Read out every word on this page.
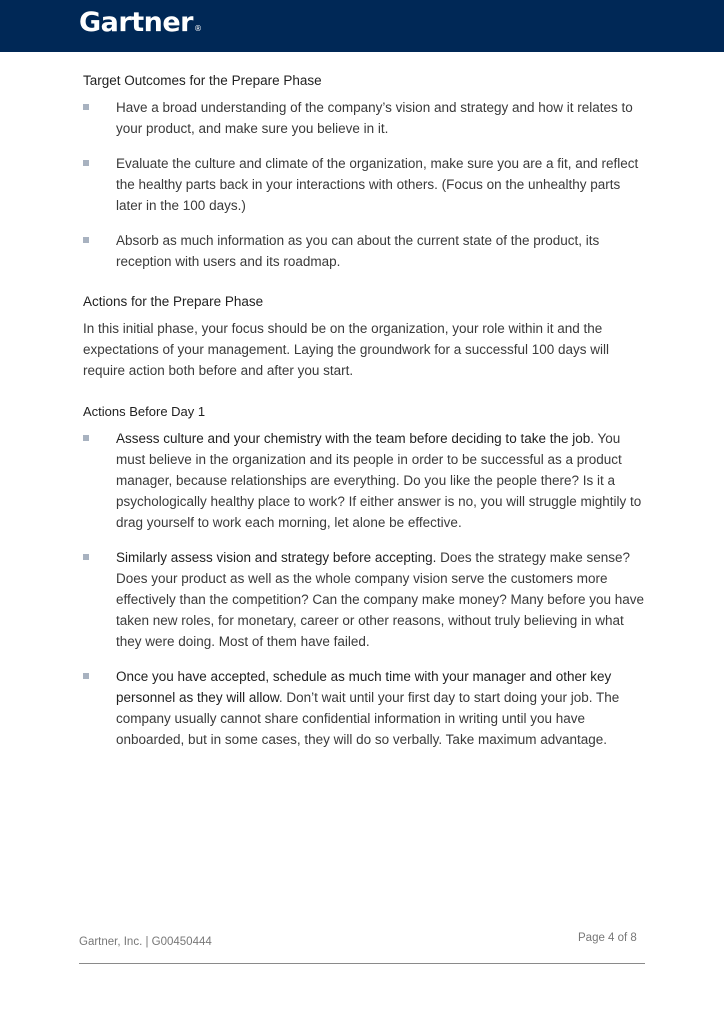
Gartner®

Target Outcomes for the Prepare Phase

Have a broad understanding of the company’s vision and strategy and how it relates to your product, and make sure you believe in it.
Evaluate the culture and climate of the organization, make sure you are a fit, and reflect the healthy parts back in your interactions with others. (Focus on the unhealthy parts later in the 100 days.)
Absorb as much information as you can about the current state of the product, its reception with users and its roadmap.

Actions for the Prepare Phase

In this initial phase, your focus should be on the organization, your role within it and the expectations of your management. Laying the groundwork for a successful 100 days will require action both before and after you start.

Actions Before Day 1

Assess culture and your chemistry with the team before deciding to take the job. You must believe in the organization and its people in order to be successful as a product manager, because relationships are everything. Do you like the people there? Is it a psychologically healthy place to work? If either answer is no, you will struggle mightily to drag yourself to work each morning, let alone be effective.
Similarly assess vision and strategy before accepting. Does the strategy make sense? Does your product as well as the whole company vision serve the customers more effectively than the competition? Can the company make money? Many before you have taken new roles, for monetary, career or other reasons, without truly believing in what they were doing. Most of them have failed.
Once you have accepted, schedule as much time with your manager and other key personnel as they will allow. Don’t wait until your first day to start doing your job. The company usually cannot share confidential information in writing until you have onboarded, but in some cases, they will do so verbally. Take maximum advantage.
Gartner, Inc. | G00450444	Page 4 of 8
